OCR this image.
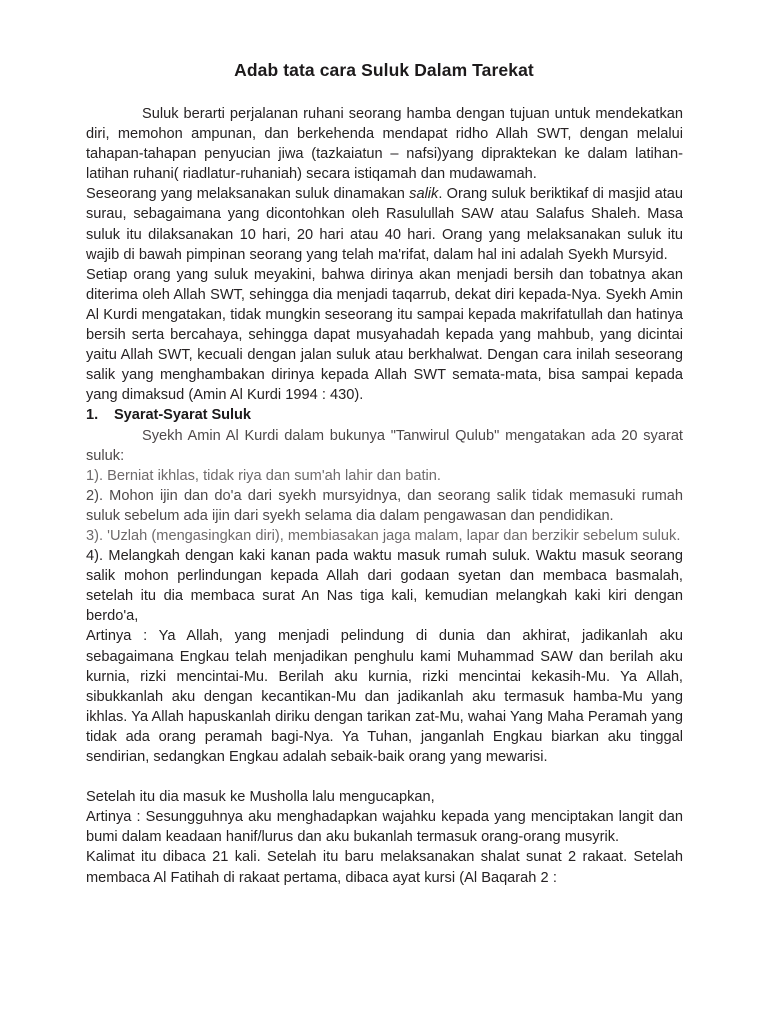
Adab tata cara Suluk Dalam Tarekat

Suluk berarti perjalanan ruhani seorang hamba dengan tujuan untuk mendekatkan diri, memohon ampunan, dan berkehenda mendapat ridho Allah SWT, dengan melalui tahapan-tahapan penyucian jiwa (tazkaiatun – nafsi)yang dipraktekan ke dalam latihan-latihan ruhani( riadlatur-ruhaniah) secara istiqamah dan mudawamah.

Seseorang yang melaksanakan suluk dinamakan salik. Orang suluk beriktikaf di masjid atau surau, sebagaimana yang dicontohkan oleh Rasulullah SAW atau Salafus Shaleh. Masa suluk itu dilaksanakan 10 hari, 20 hari atau 40 hari. Orang yang melaksanakan suluk itu wajib di bawah pimpinan seorang yang telah ma'rifat, dalam hal ini adalah Syekh Mursyid.

Setiap orang yang suluk meyakini, bahwa dirinya akan menjadi bersih dan tobatnya akan diterima oleh Allah SWT, sehingga dia menjadi taqarrub, dekat diri kepada-Nya. Syekh Amin Al Kurdi mengatakan, tidak mungkin seseorang itu sampai kepada makrifatullah dan hatinya bersih serta bercahaya, sehingga dapat musyahadah kepada yang mahbub, yang dicintai yaitu Allah SWT, kecuali dengan jalan suluk atau berkhalwat. Dengan cara inilah seseorang salik yang menghambakan dirinya kepada Allah SWT semata-mata, bisa sampai kepada yang dimaksud (Amin Al Kurdi 1994 : 430).

1.	Syarat-Syarat Suluk

Syekh Amin Al Kurdi dalam bukunya "Tanwirul Qulub" mengatakan ada 20 syarat suluk:

1). Berniat ikhlas, tidak riya dan sum'ah lahir dan batin.

2). Mohon ijin dan do'a dari syekh mursyidnya, dan seorang salik tidak memasuki rumah suluk sebelum ada ijin dari syekh selama dia dalam pengawasan dan pendidikan.

3). 'Uzlah (mengasingkan diri), membiasakan jaga malam, lapar dan berzikir sebelum suluk.

4). Melangkah dengan kaki kanan pada waktu masuk rumah suluk. Waktu masuk seorang salik mohon perlindungan kepada Allah dari godaan syetan dan membaca basmalah, setelah itu dia membaca surat An Nas tiga kali, kemudian melangkah kaki kiri dengan berdo'a,

Artinya : Ya Allah, yang menjadi pelindung di dunia dan akhirat, jadikanlah aku sebagaimana Engkau telah menjadikan penghulu kami Muhammad SAW dan berilah aku kurnia, rizki mencintai-Mu. Berilah aku kurnia, rizki mencintai kekasih-Mu. Ya Allah, sibukkanlah aku dengan kecantikan-Mu dan jadikanlah aku termasuk hamba-Mu yang ikhlas. Ya Allah hapuskanlah diriku dengan tarikan zat-Mu, wahai Yang Maha Peramah yang tidak ada orang peramah bagi-Nya. Ya Tuhan, janganlah Engkau biarkan aku tinggal sendirian, sedangkan Engkau adalah sebaik-baik orang yang mewarisi.

Setelah itu dia masuk ke Musholla lalu mengucapkan,

Artinya : Sesungguhnya aku menghadapkan wajahku kepada yang menciptakan langit dan bumi dalam keadaan hanif/lurus dan aku bukanlah termasuk orang-orang musyrik.

Kalimat itu dibaca 21 kali. Setelah itu baru melaksanakan shalat sunat 2 rakaat. Setelah membaca Al Fatihah di rakaat pertama, dibaca ayat kursi (Al Baqarah 2 :
